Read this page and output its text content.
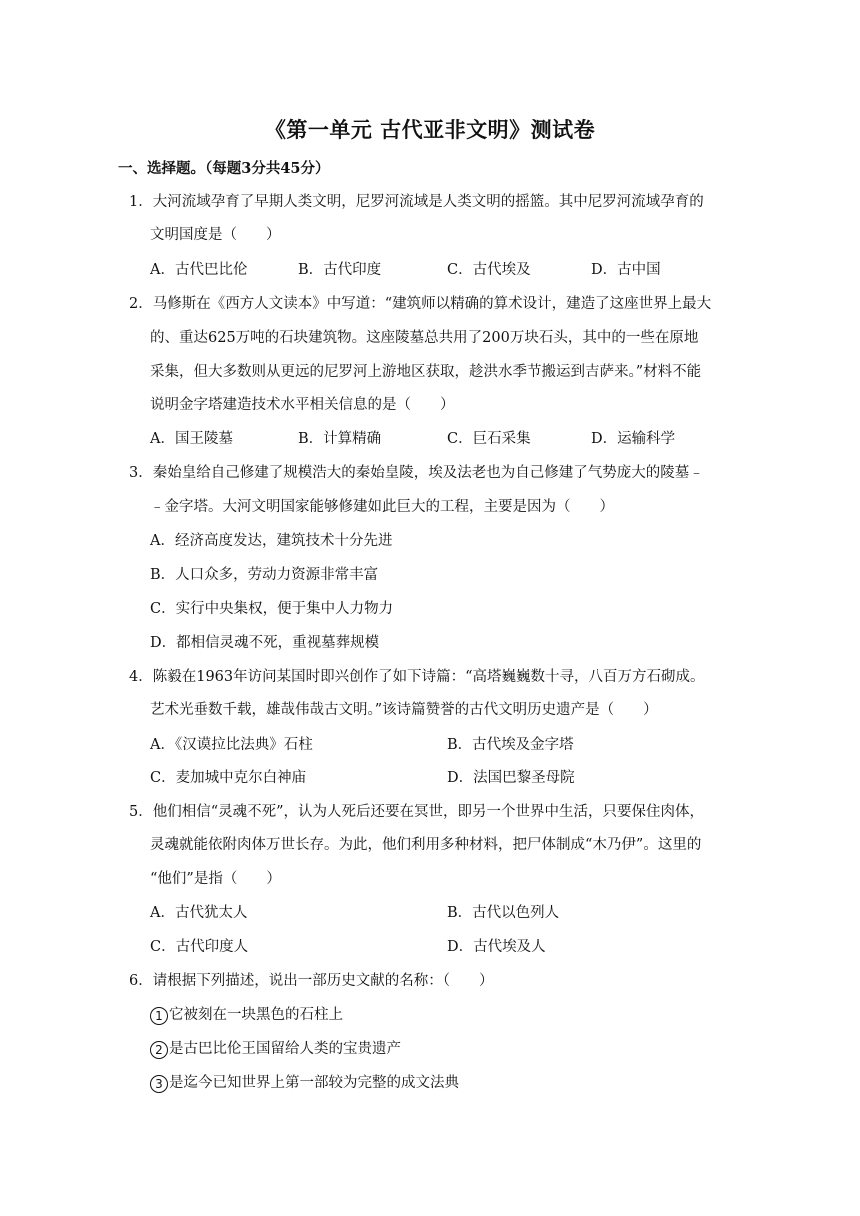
《第一单元 古代亚非文明》测试卷
一、选择题。（每题3分共45分）
1．大河流域孕育了早期人类文明，尼罗河流域是人类文明的摇篮。其中尼罗河流域孕育的
文明国度是（　　）
A．古代巴比伦	B．古代印度	C．古代埃及	D．古中国
2．马修斯在《西方人文读本》中写道：“建筑师以精确的算术设计，建造了这座世界上最大
的、重达625万吨的石块建筑物。这座陵墓总共用了200万块石头，其中的一些在原地
采集，但大多数则从更远的尼罗河上游地区获取，趁洪水季节搬运到吉萨来。”材料不能
说明金字塔建造技术水平相关信息的是（　　）
A．国王陵墓	B．计算精确	C．巨石采集	D．运输科学
3．秦始皇给自己修建了规模浩大的秦始皇陵，埃及法老也为自己修建了气势庞大的陵墓﹣
﹣金字塔。大河文明国家能够修建如此巨大的工程，主要是因为（　　）
A．经济高度发达，建筑技术十分先进
B．人口众多，劳动力资源非常丰富
C．实行中央集权，便于集中人力物力
D．都相信灵魂不死，重视墓葬规模
4．陈毅在1963年访问某国时即兴创作了如下诗篇：“高塔巍巍数十寻，八百万方石砌成。
艺术光垂数千载，雄哉伟哉古文明。”该诗篇赞誉的古代文明历史遗产是（　　）
A．《汉谟拉比法典》石柱	B．古代埃及金字塔
C．麦加城中克尔白神庙	D．法国巴黎圣母院
5．他们相信“灵魂不死”，认为人死后还要在冥世，即另一个世界中生活，只要保住肉体，
灵魂就能依附肉体万世长存。为此，他们利用多种材料，把尸体制成“木乃伊”。这里的
“他们”是指（　　）
A．古代犹太人	B．古代以色列人
C．古代印度人	D．古代埃及人
6．请根据下列描述，说出一部历史文献的名称：（　　）
1 它被刻在一块黑色的石柱上
2 是古巴比伦王国留给人类的宝贵遗产
3 是迄今已知世界上第一部较为完整的成文法典
